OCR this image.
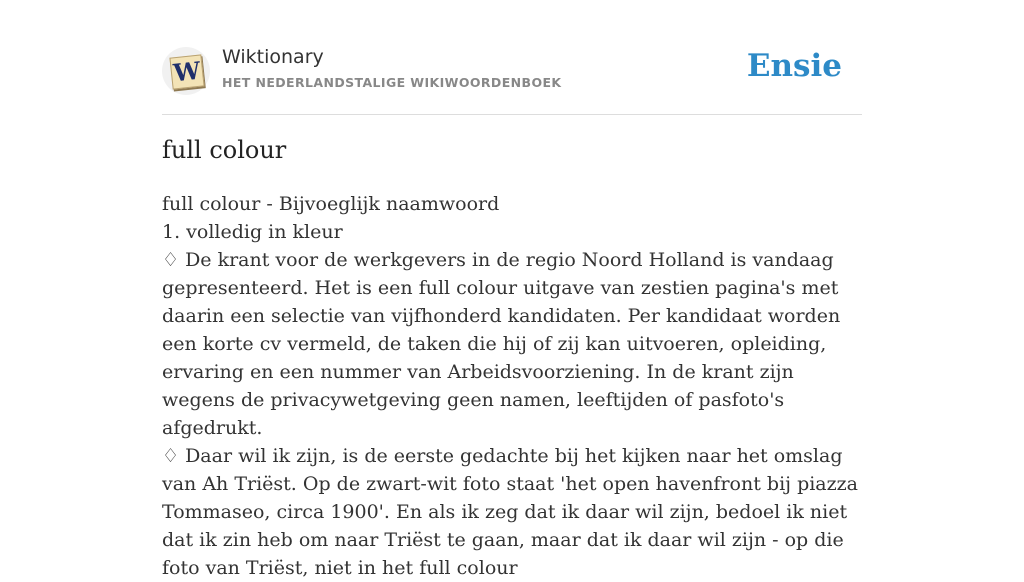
W Wiktionary
HET NEDERLANDSTALIGE WIKIWOORDENBOEK	Ensie
full colour

full colour - Bijvoeglijk naamwoord

1. volledig in kleur

♢ De krant voor de werkgevers in de regio Noord Holland is vandaag gepresenteerd. Het is een full colour uitgave van zestien pagina's met daarin een selectie van vijfhonderd kandidaten. Per kandidaat worden een korte cv vermeld, de taken die hij of zij kan uitvoeren, opleiding, ervaring en een nummer van Arbeidsvoorziening. In de krant zijn wegens de privacywetgeving geen namen, leeftijden of pasfoto's afgedrukt.

♢ Daar wil ik zijn, is de eerste gedachte bij het kijken naar het omslag van Ah Triëst. Op de zwart-wit foto staat 'het open havenfront bij piazza Tommaseo, circa 1900'. En als ik zeg dat ik daar wil zijn, bedoel ik niet dat ik zin heb om naar Triëst te gaan, maar dat ik daar wil zijn - op die foto van Triëst, niet in het full colour
